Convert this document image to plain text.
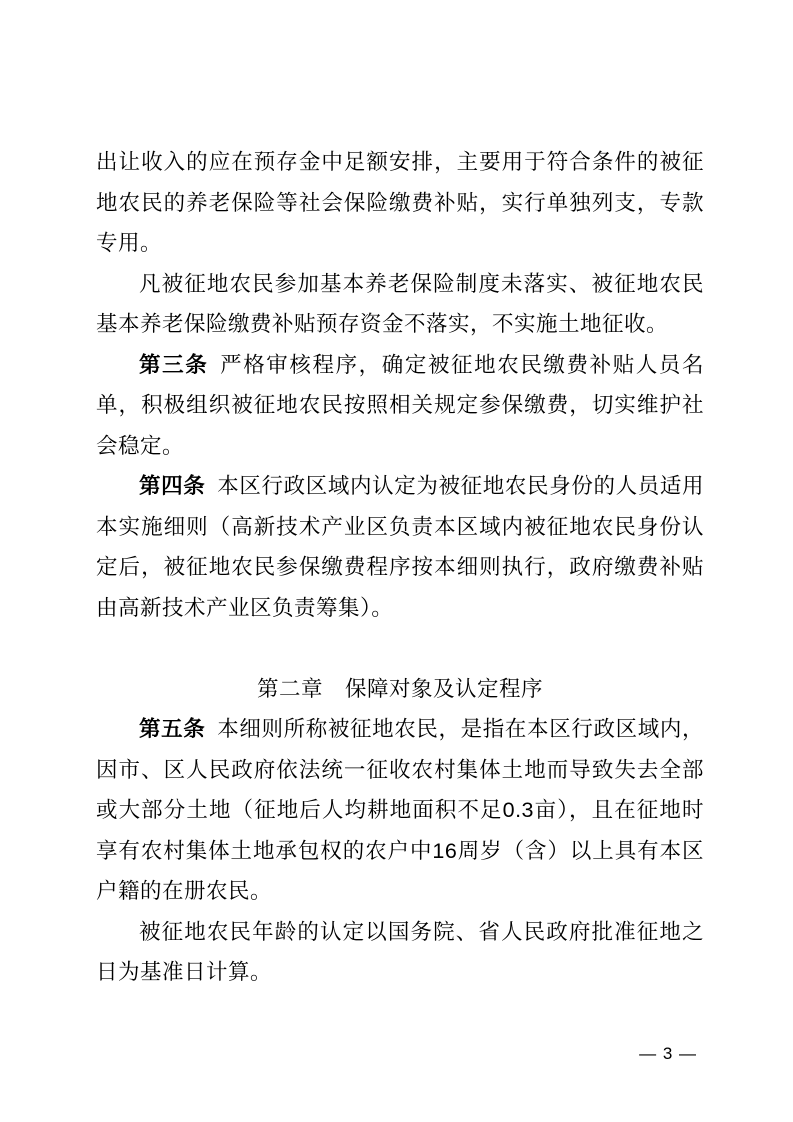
出让收入的应在预存金中足额安排，主要用于符合条件的被征地农民的养老保险等社会保险缴费补贴，实行单独列支，专款专用。

凡被征地农民参加基本养老保险制度未落实、被征地农民基本养老保险缴费补贴预存资金不落实，不实施土地征收。

第三条 严格审核程序，确定被征地农民缴费补贴人员名单，积极组织被征地农民按照相关规定参保缴费，切实维护社会稳定。

第四条 本区行政区域内认定为被征地农民身份的人员适用本实施细则（高新技术产业区负责本区域内被征地农民身份认定后，被征地农民参保缴费程序按本细则执行，政府缴费补贴由高新技术产业区负责筹集）。

第二章　保障对象及认定程序

第五条 本细则所称被征地农民，是指在本区行政区域内，因市、区人民政府依法统一征收农村集体土地而导致失去全部或大部分土地（征地后人均耕地面积不足0.3亩），且在征地时享有农村集体土地承包权的农户中16周岁（含）以上具有本区户籍的在册农民。

被征地农民年龄的认定以国务院、省人民政府批准征地之日为基准日计算。

— 3 —
